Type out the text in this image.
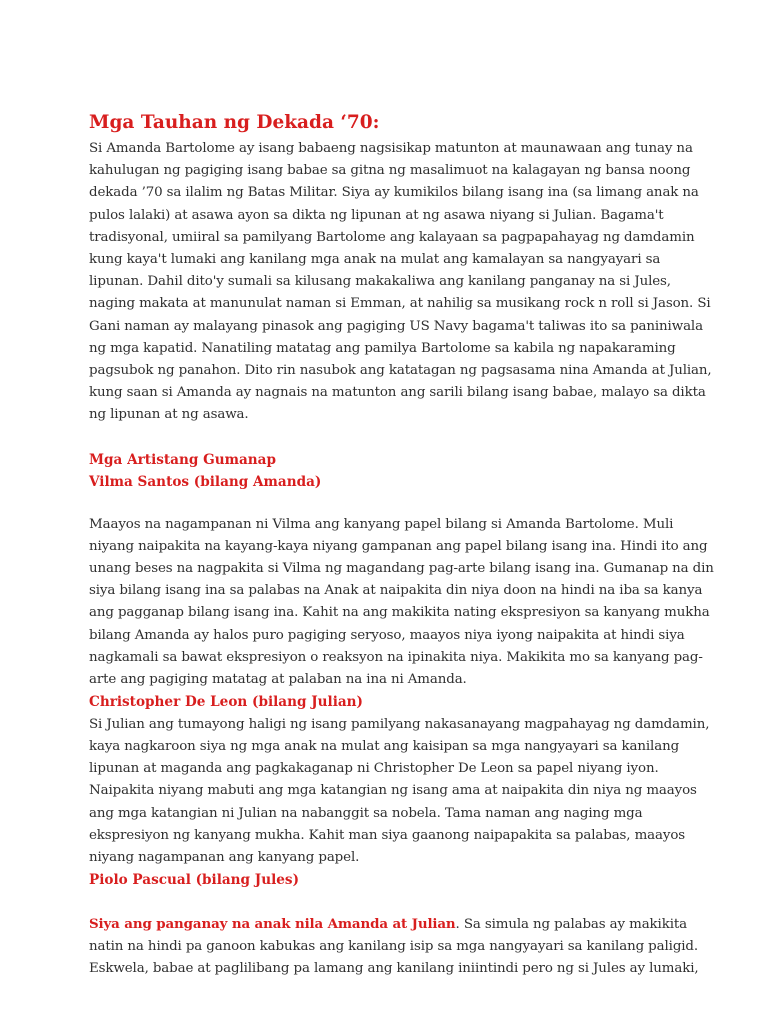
Mga Tauhan ng Dekada ‘70:

Si Amanda Bartolome ay isang babaeng nagsisikap matunton at maunawaan ang tunay na kahulugan ng pagiging isang babae sa gitna ng masalimuot na kalagayan ng bansa noong dekada ’70 sa ilalim ng Batas Militar. Siya ay kumikilos bilang isang ina (sa limang anak na pulos lalaki) at asawa ayon sa dikta ng lipunan at ng asawa niyang si Julian. Bagama't tradisyonal, umiiral sa pamilyang Bartolome ang kalayaan sa pagpapahayag ng damdamin kung kaya't lumaki ang kanilang mga anak na mulat ang kamalayan sa nangyayari sa lipunan. Dahil dito'y sumali sa kilusang makakaliwa ang kanilang panganay na si Jules, naging makata at manunulat naman si Emman, at nahilig sa musikang rock n roll si Jason. Si Gani naman ay malayang pinasok ang pagiging US Navy bagama't taliwas ito sa paniniwala ng mga kapatid. Nanatiling matatag ang pamilya Bartolome sa kabila ng napakaraming pagsubok ng panahon. Dito rin nasubok ang katatagan ng pagsasama nina Amanda at Julian, kung saan si Amanda ay nagnais na matunton ang sarili bilang isang babae, malayo sa dikta ng lipunan at ng asawa.

Mga Artistang Gumanap
Vilma Santos (bilang Amanda)

Maayos na nagampanan ni Vilma ang kanyang papel bilang si Amanda Bartolome. Muli niyang naipakita na kayang-kaya niyang gampanan ang papel bilang isang ina. Hindi ito ang unang beses na nagpakita si Vilma ng magandang pag-arte bilang isang ina. Gumanap na din siya bilang isang ina sa palabas na Anak at naipakita din niya doon na hindi na iba sa kanya ang pagganap bilang isang ina. Kahit na ang makikita nating ekspresiyon sa kanyang mukha bilang Amanda ay halos puro pagiging seryoso, maayos niya iyong naipakita at hindi siya nagkamali sa bawat ekspresiyon o reaksyon na ipinakita niya. Makikita mo sa kanyang pag-arte ang pagiging matatag at palaban na ina ni Amanda.

Christopher De Leon (bilang Julian)

Si Julian ang tumayong haligi ng isang pamilyang nakasanayang magpahayag ng damdamin, kaya nagkaroon siya ng mga anak na mulat ang kaisipan sa mga nangyayari sa kanilang lipunan at maganda ang pagkakaganap ni Christopher De Leon sa papel niyang iyon. Naipakita niyang mabuti ang mga katangian ng isang ama at naipakita din niya ng maayos ang mga katangian ni Julian na nabanggit sa nobela. Tama naman ang naging mga ekspresiyon ng kanyang mukha. Kahit man siya gaanong naipapakita sa palabas, maayos niyang nagampanan ang kanyang papel.

Piolo Pascual (bilang Jules)

Siya ang panganay na anak nila Amanda at Julian. Sa simula ng palabas ay makikita natin na hindi pa ganoon kabukas ang kanilang isip sa mga nangyayari sa kanilang paligid. Eskwela, babae at paglilibang pa lamang ang kanilang iniintindi pero ng si Jules ay lumaki,
